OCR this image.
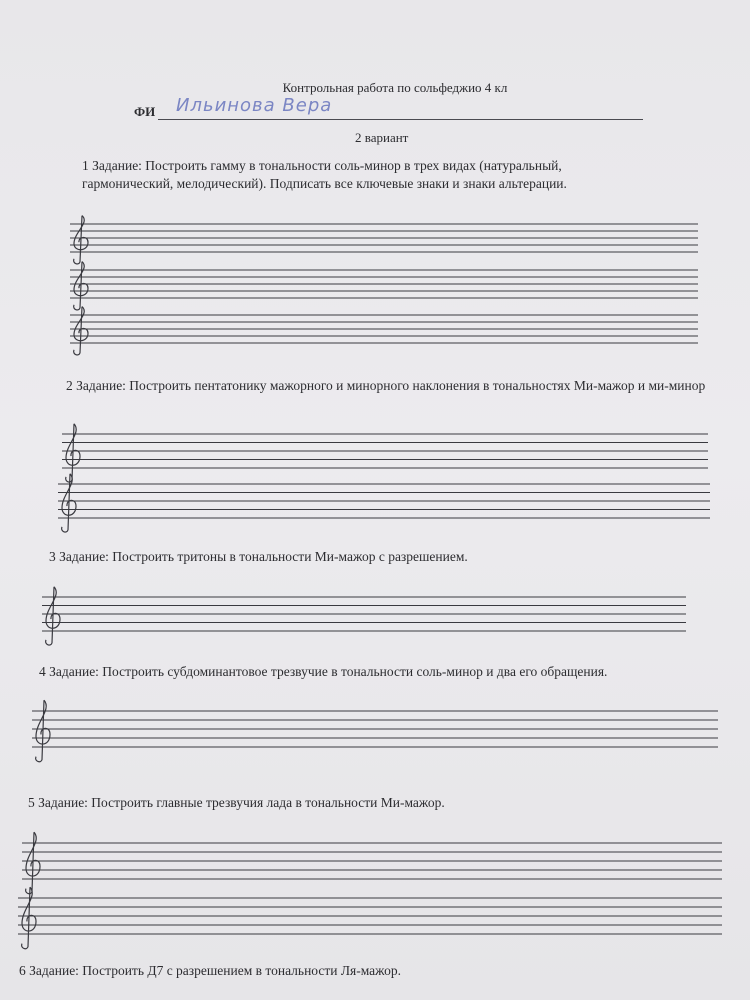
Контрольная работа по сольфеджио 4 кл
ФИ Ильинова Вера
2 вариант
1 Задание: Построить гамму в тональности соль-минор в трех видах (натуральный, гармонический, мелодический). Подписать все ключевые знаки и знаки альтерации.
2 Задание: Построить пентатонику мажорного и минорного наклонения в тональностях Ми-мажор и ми-минор
3 Задание: Построить тритоны в тональности Ми-мажор с разрешением.
4 Задание: Построить субдоминантовое трезвучие в тональности соль-минор и два его обращения.
5 Задание: Построить главные трезвучия лада в тональности Ми-мажор.
6 Задание: Построить Д7 с разрешением в тональности Ля-мажор.
